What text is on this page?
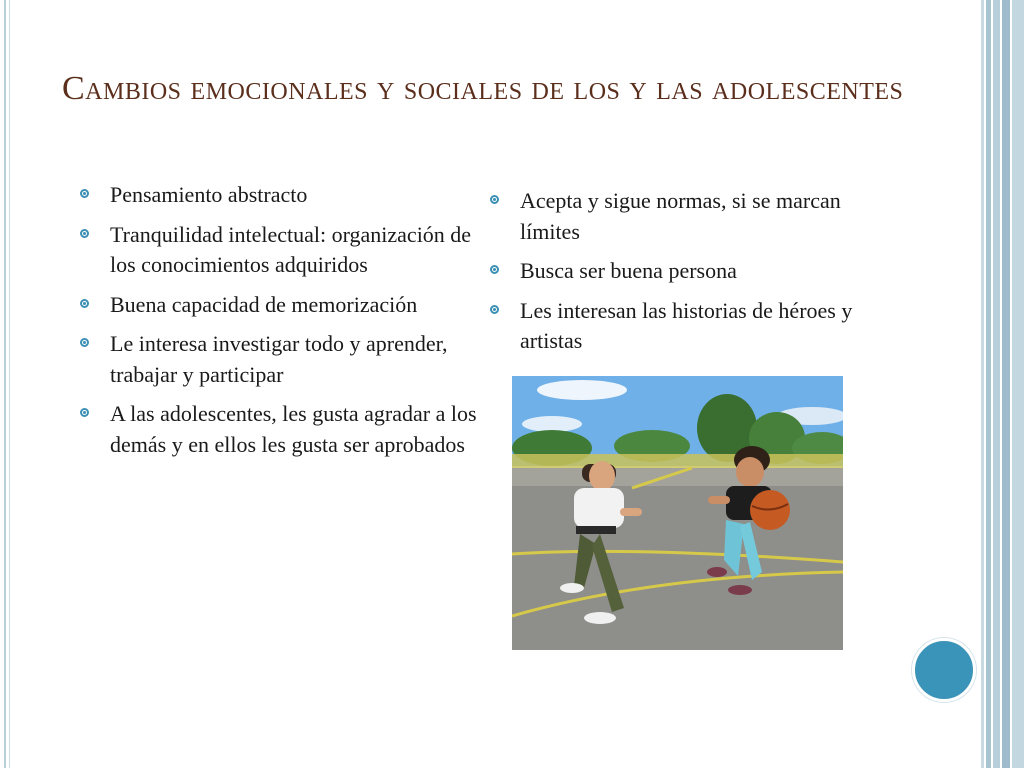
Cambios emocionales y sociales de los y las adolescentes
Pensamiento abstracto
Tranquilidad intelectual: organización de los conocimientos adquiridos
Buena capacidad de memorización
Le interesa investigar todo y aprender, trabajar y participar
A las adolescentes, les gusta agradar a los demás y en ellos les gusta ser aprobados
Acepta y sigue normas, si se marcan límites
Busca ser buena persona
Les interesan las historias de héroes y artistas
